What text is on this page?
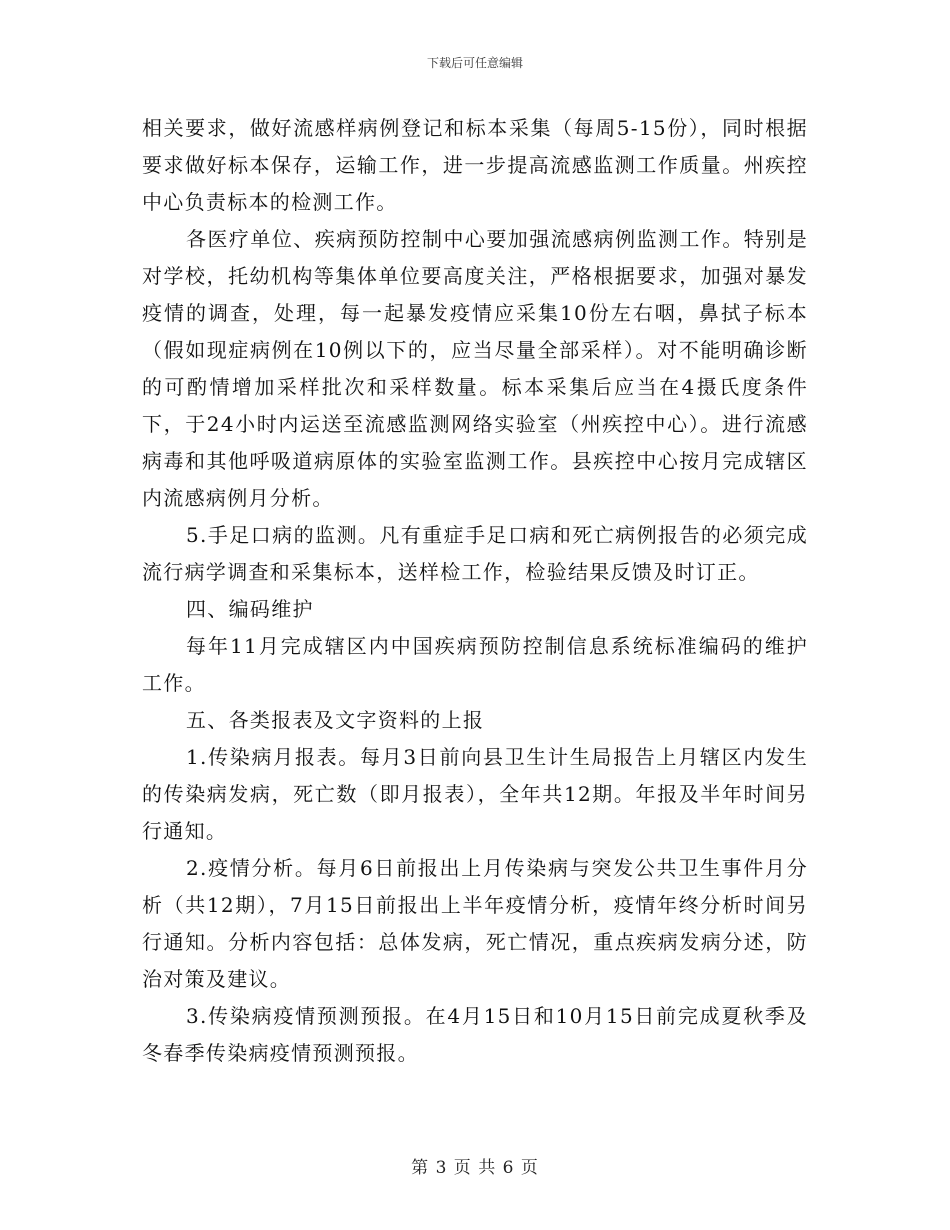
下载后可任意编辑

相关要求，做好流感样病例登记和标本采集（每周5-15份），同时根据要求做好标本保存，运输工作，进一步提高流感监测工作质量。州疾控中心负责标本的检测工作。

各医疗单位、疾病预防控制中心要加强流感病例监测工作。特别是对学校，托幼机构等集体单位要高度关注，严格根据要求，加强对暴发疫情的调查，处理，每一起暴发疫情应采集10份左右咽，鼻拭子标本（假如现症病例在10例以下的，应当尽量全部采样）。对不能明确诊断的可酌情增加采样批次和采样数量。标本采集后应当在4摄氏度条件下，于24小时内运送至流感监测网络实验室（州疾控中心）。进行流感病毒和其他呼吸道病原体的实验室监测工作。县疾控中心按月完成辖区内流感病例月分析。

5.手足口病的监测。凡有重症手足口病和死亡病例报告的必须完成流行病学调查和采集标本，送样检工作，检验结果反馈及时订正。

四、编码维护

每年11月完成辖区内中国疾病预防控制信息系统标准编码的维护工作。

五、各类报表及文字资料的上报

1.传染病月报表。每月3日前向县卫生计生局报告上月辖区内发生的传染病发病，死亡数（即月报表），全年共12期。年报及半年时间另行通知。

2.疫情分析。每月6日前报出上月传染病与突发公共卫生事件月分析（共12期），7月15日前报出上半年疫情分析，疫情年终分析时间另行通知。分析内容包括：总体发病，死亡情况，重点疾病发病分述，防治对策及建议。

3.传染病疫情预测预报。在4月15日和10月15日前完成夏秋季及冬春季传染病疫情预测预报。

第 3 页 共 6 页
